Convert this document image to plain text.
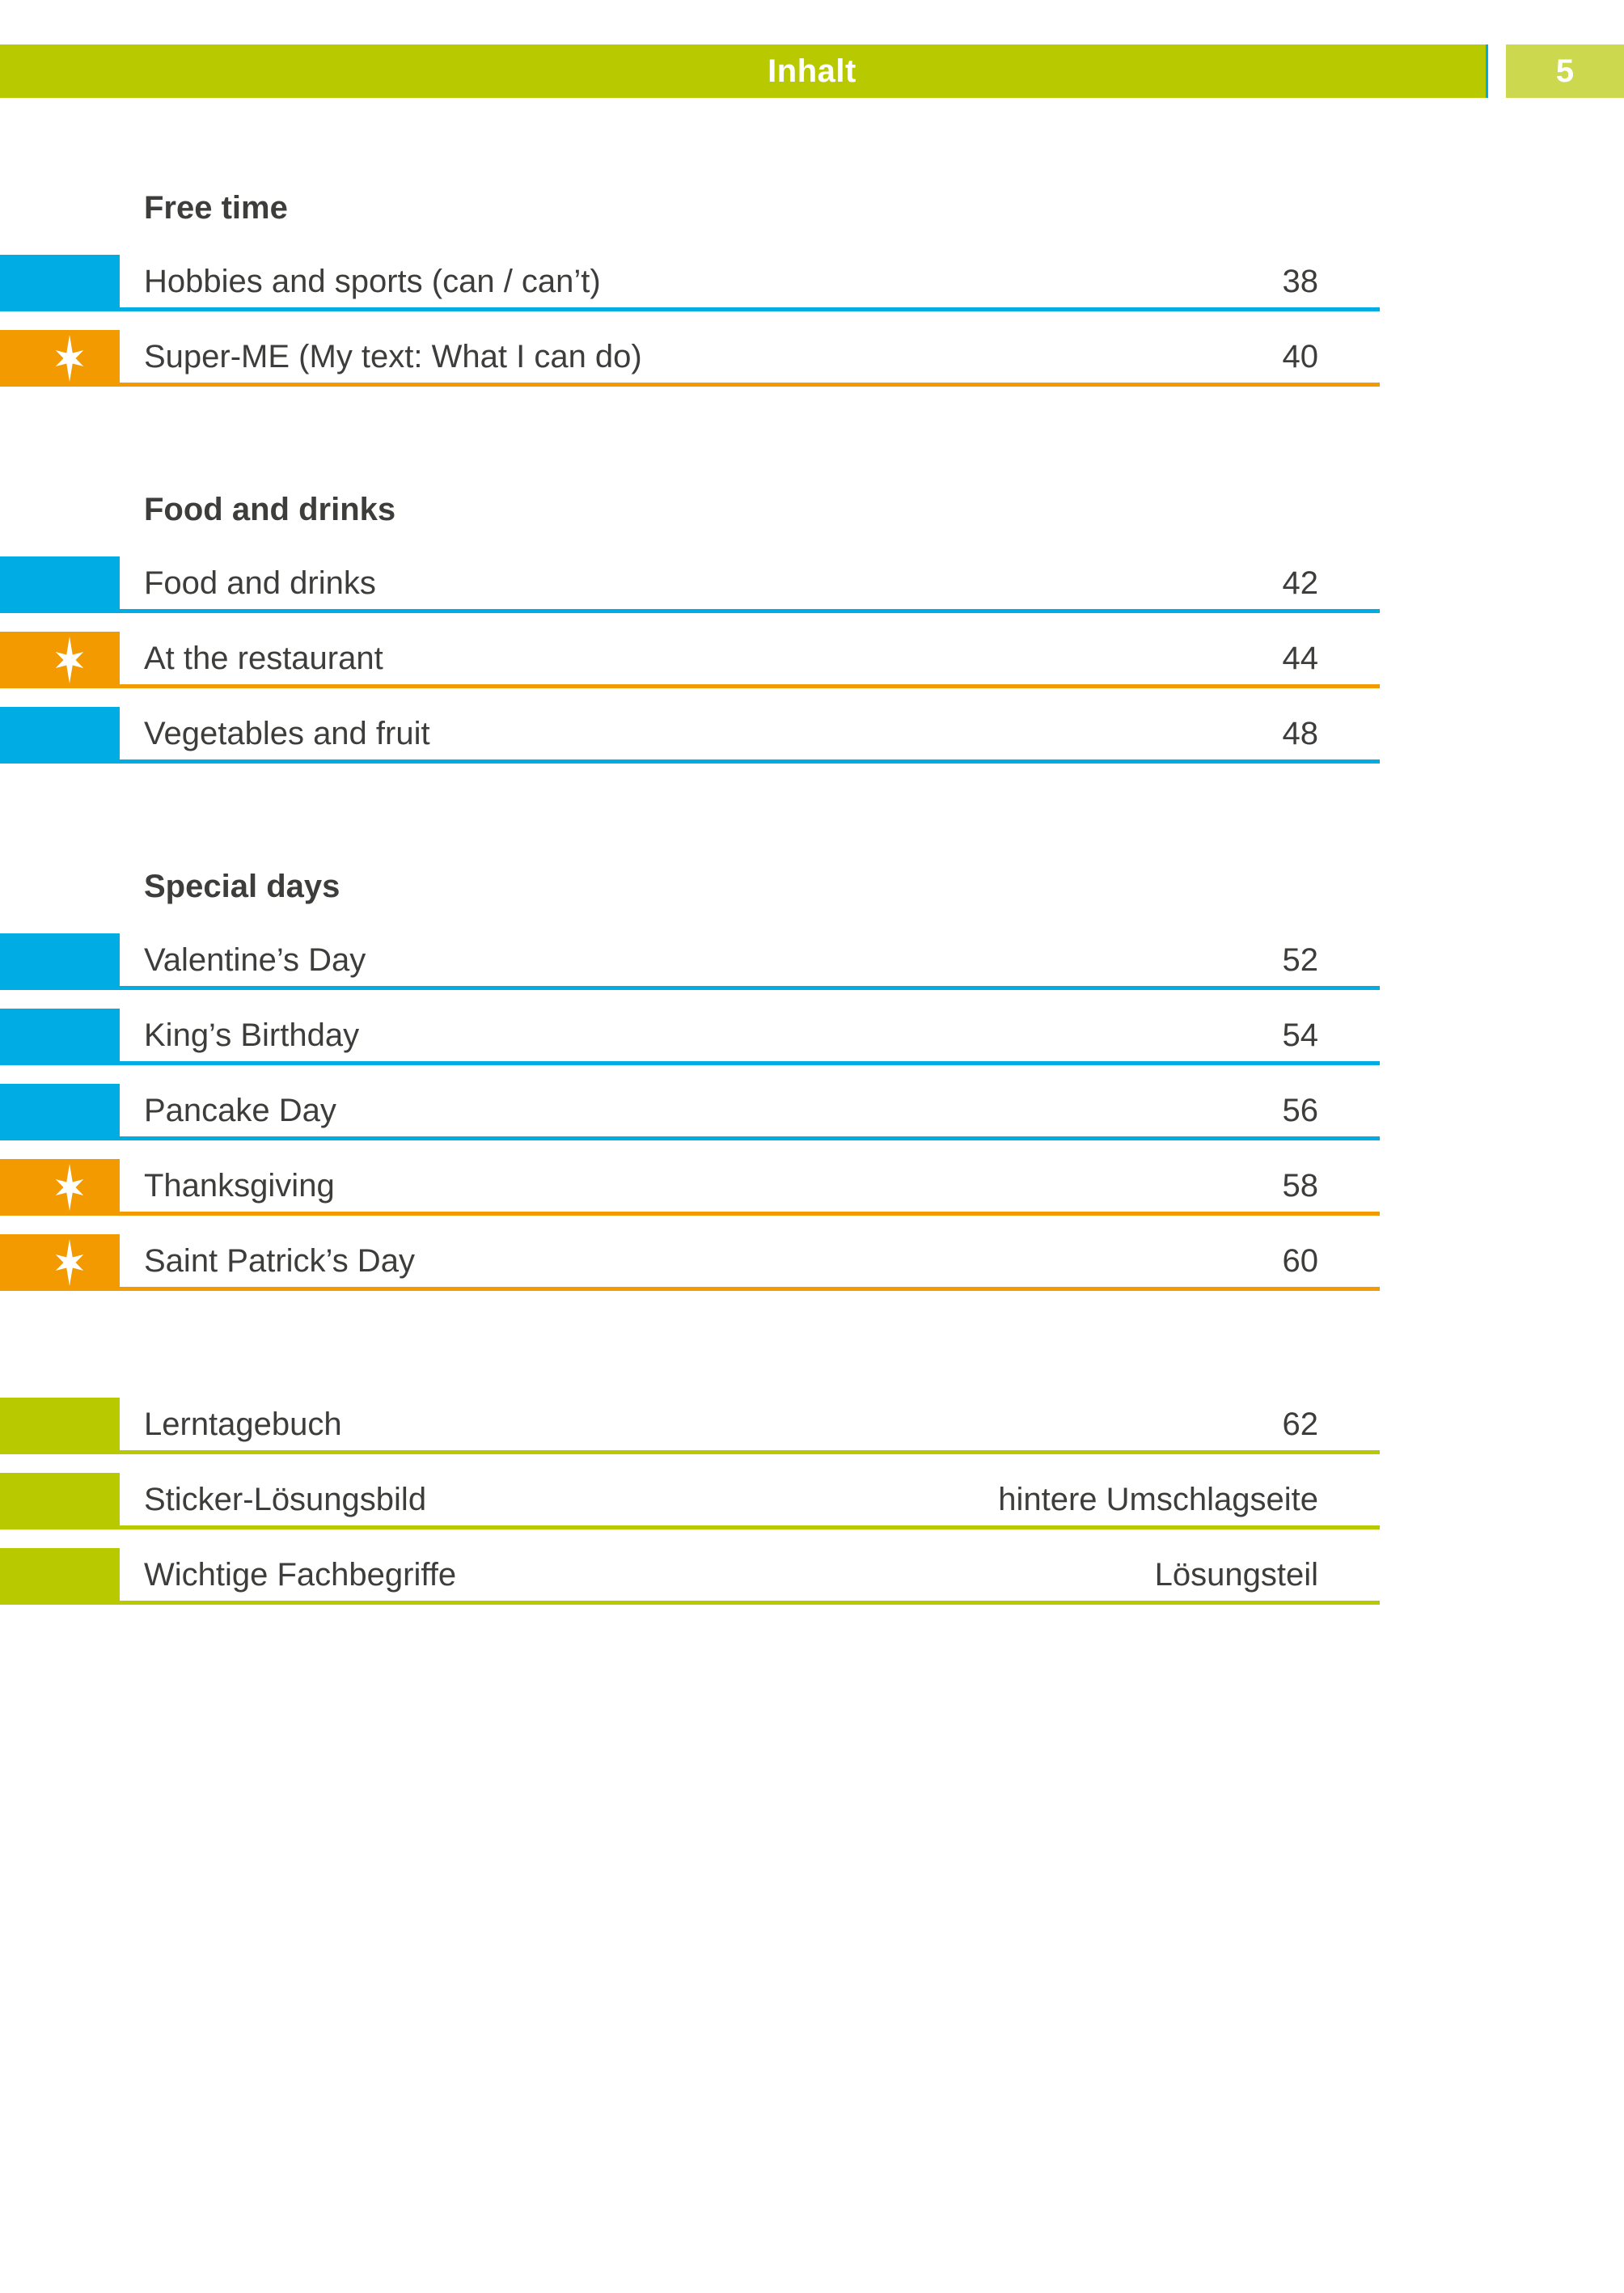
Inhalt	5
Free time
Hobbies and sports (can / can’t)	38
Super-ME (My text: What I can do)	40
Food and drinks
Food and drinks	42
At the restaurant	44
Vegetables and fruit	48
Special days
Valentine’s Day	52
King’s Birthday	54
Pancake Day	56
Thanksgiving	58
Saint Patrick’s Day	60
Lerntagebuch	62
Sticker-Lösungsbild	hintere Umschlagseite
Wichtige Fachbegriffe	Lösungsteil
